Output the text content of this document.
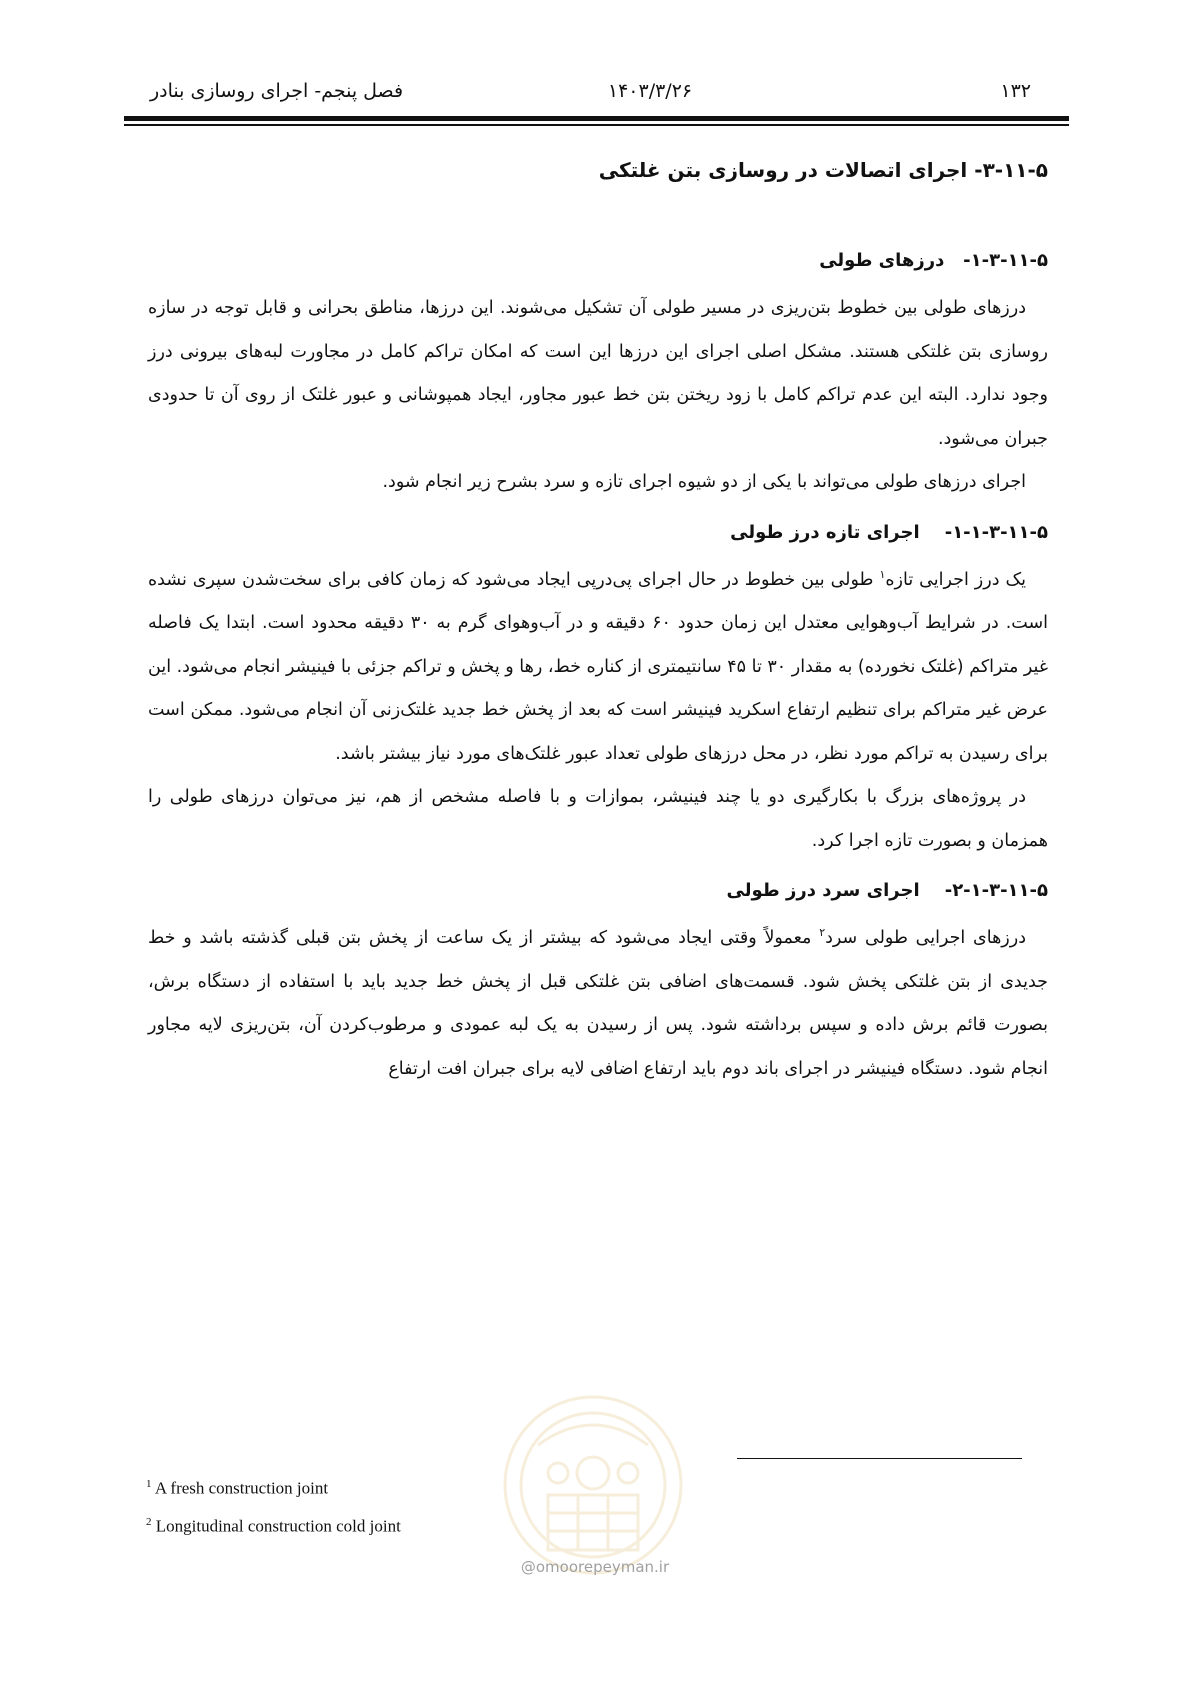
۱۳۲
۱۴۰۳/۳/۲۶
فصل پنجم- اجرای روسازی بنادر
۳-۱۱-۵- اجرای اتصالات در روسازی بتن غلتکی
۱-۳-۱۱-۵-   درزهای طولی

درزهای طولی بین خطوط بتن‌ریزی در مسیر طولی آن تشکیل می‌شوند. این درزها، مناطق بحرانی و قابل توجه در سازه روسازی بتن غلتکی هستند. مشکل اصلی اجرای این درزها این است که امکان تراکم کامل در مجاورت لبه‌های بیرونی درز وجود ندارد. البته این عدم تراکم کامل با زود ریختن بتن خط عبور مجاور، ایجاد همپوشانی و عبور غلتک از روی آن تا حدودی جبران می‌شود.

اجرای درزهای طولی می‌تواند با یکی از دو شیوه اجرای تازه و سرد بشرح زیر انجام شود.

۱-۱-۳-۱۱-۵-    اجرای تازه درز طولی

یک درز اجرایی تازه$^۱$ طولی بین خطوط در حال اجرای پی‌درپی ایجاد می‌شود که زمان کافی برای سخت‌شدن سپری نشده است. در شرایط آب‌وهوایی معتدل این زمان حدود ۶۰ دقیقه و در آب‌وهوای گرم به ۳۰ دقیقه محدود است. ابتدا یک فاصله غیر متراکم (غلتک نخورده) به مقدار ۳۰ تا ۴۵ سانتیمتری از کناره خط، رها و پخش و تراکم جزئی با فینیشر انجام می‌شود. این عرض غیر متراکم برای تنظیم ارتفاع اسکرید فینیشر است که بعد از پخش خط جدید غلتک‌زنی آن انجام می‌شود. ممکن است برای رسیدن به تراکم مورد نظر، در محل درزهای طولی تعداد عبور غلتک‌های مورد نیاز بیشتر باشد.

در پروژه‌های بزرگ با بکارگیری دو یا چند فینیشر، بموازات و با فاصله مشخص از هم، نیز می‌توان درزهای طولی را همزمان و بصورت تازه اجرا کرد.

۲-۱-۳-۱۱-۵-    اجرای سرد درز طولی

درزهای اجرایی طولی سرد$^۲$ معمولاً وقتی ایجاد می‌شود که بیشتر از یک ساعت از پخش بتن قبلی گذشته باشد و خط جدیدی از بتن غلتکی پخش شود. قسمت‌های اضافی بتن غلتکی قبل از پخش خط جدید باید با استفاده از دستگاه برش، بصورت قائم برش داده و سپس برداشته شود. پس از رسیدن به یک لبه عمودی و مرطوب‌کردن آن، بتن‌ریزی لایه مجاور انجام شود. دستگاه فینیشر در اجرای باند دوم باید ارتفاع اضافی لایه برای جبران افت ارتفاع

$^1$ A fresh construction joint
$^2$ Longitudinal construction cold joint
@omoorepeyman.ir
